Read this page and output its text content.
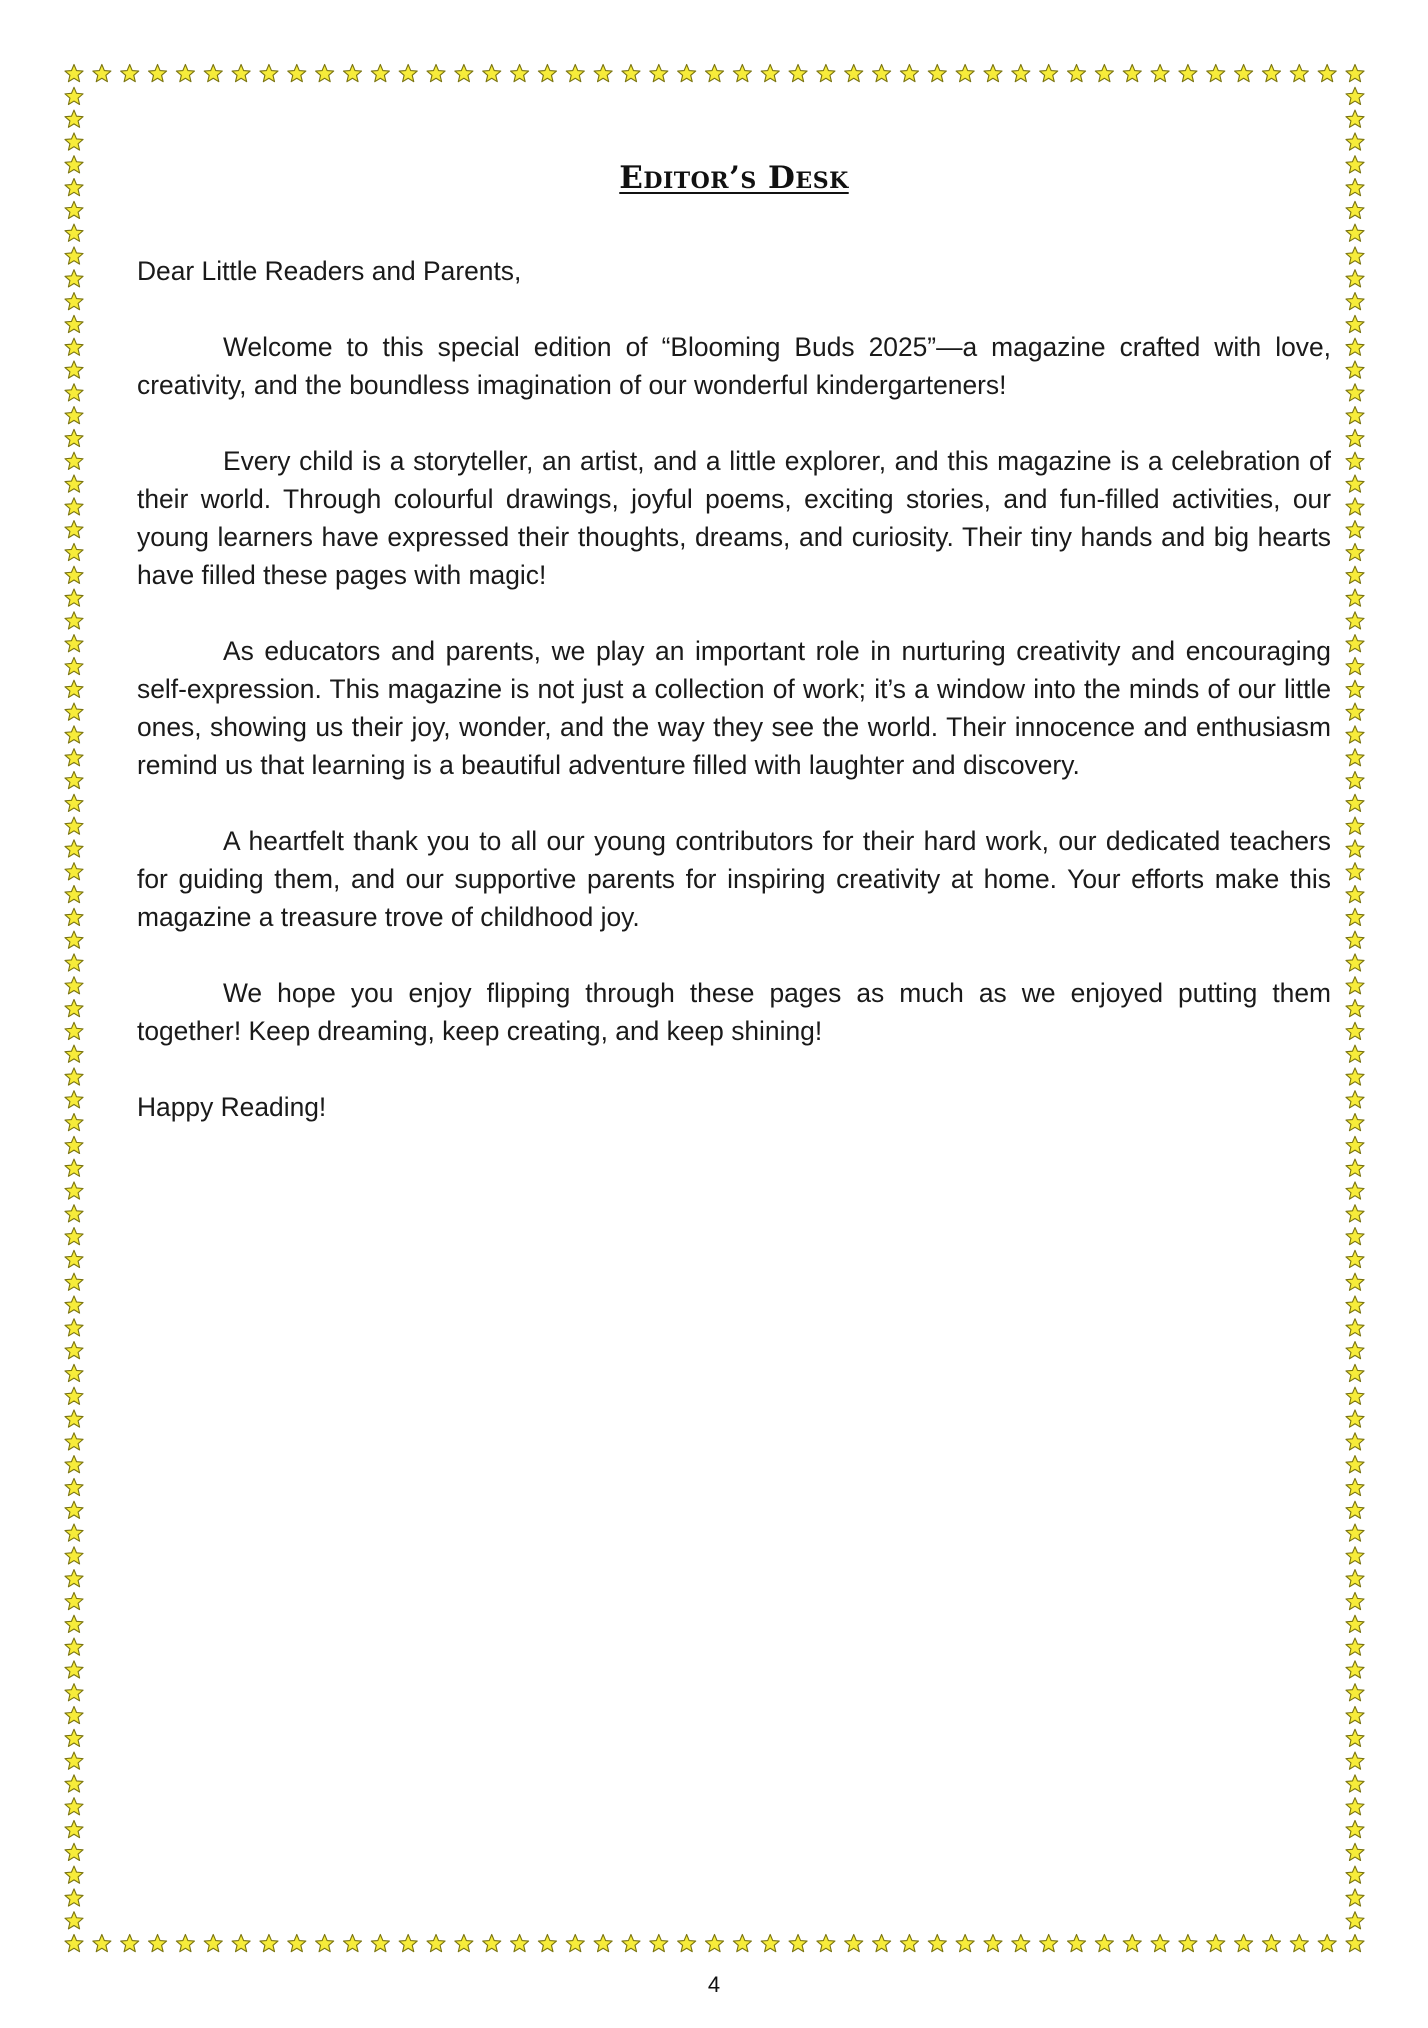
Editor’s Desk

Dear Little Readers and Parents,

Welcome to this special edition of “Blooming Buds 2025”—a magazine crafted with love, creativity, and the boundless imagination of our wonderful kindergarteners!

Every child is a storyteller, an artist, and a little explorer, and this magazine is a celebration of their world. Through colourful drawings, joyful poems, exciting stories, and fun-filled activities, our young learners have expressed their thoughts, dreams, and curiosity. Their tiny hands and big hearts have filled these pages with magic!

As educators and parents, we play an important role in nurturing creativity and encouraging self-expression. This magazine is not just a collection of work; it’s a window into the minds of our little ones, showing us their joy, wonder, and the way they see the world. Their innocence and enthusiasm remind us that learning is a beautiful adventure filled with laughter and discovery.

A heartfelt thank you to all our young contributors for their hard work, our dedicated teachers for guiding them, and our supportive parents for inspiring creativity at home. Your efforts make this magazine a treasure trove of childhood joy.

We hope you enjoy flipping through these pages as much as we enjoyed putting them together! Keep dreaming, keep creating, and keep shining!

Happy Reading!

4
